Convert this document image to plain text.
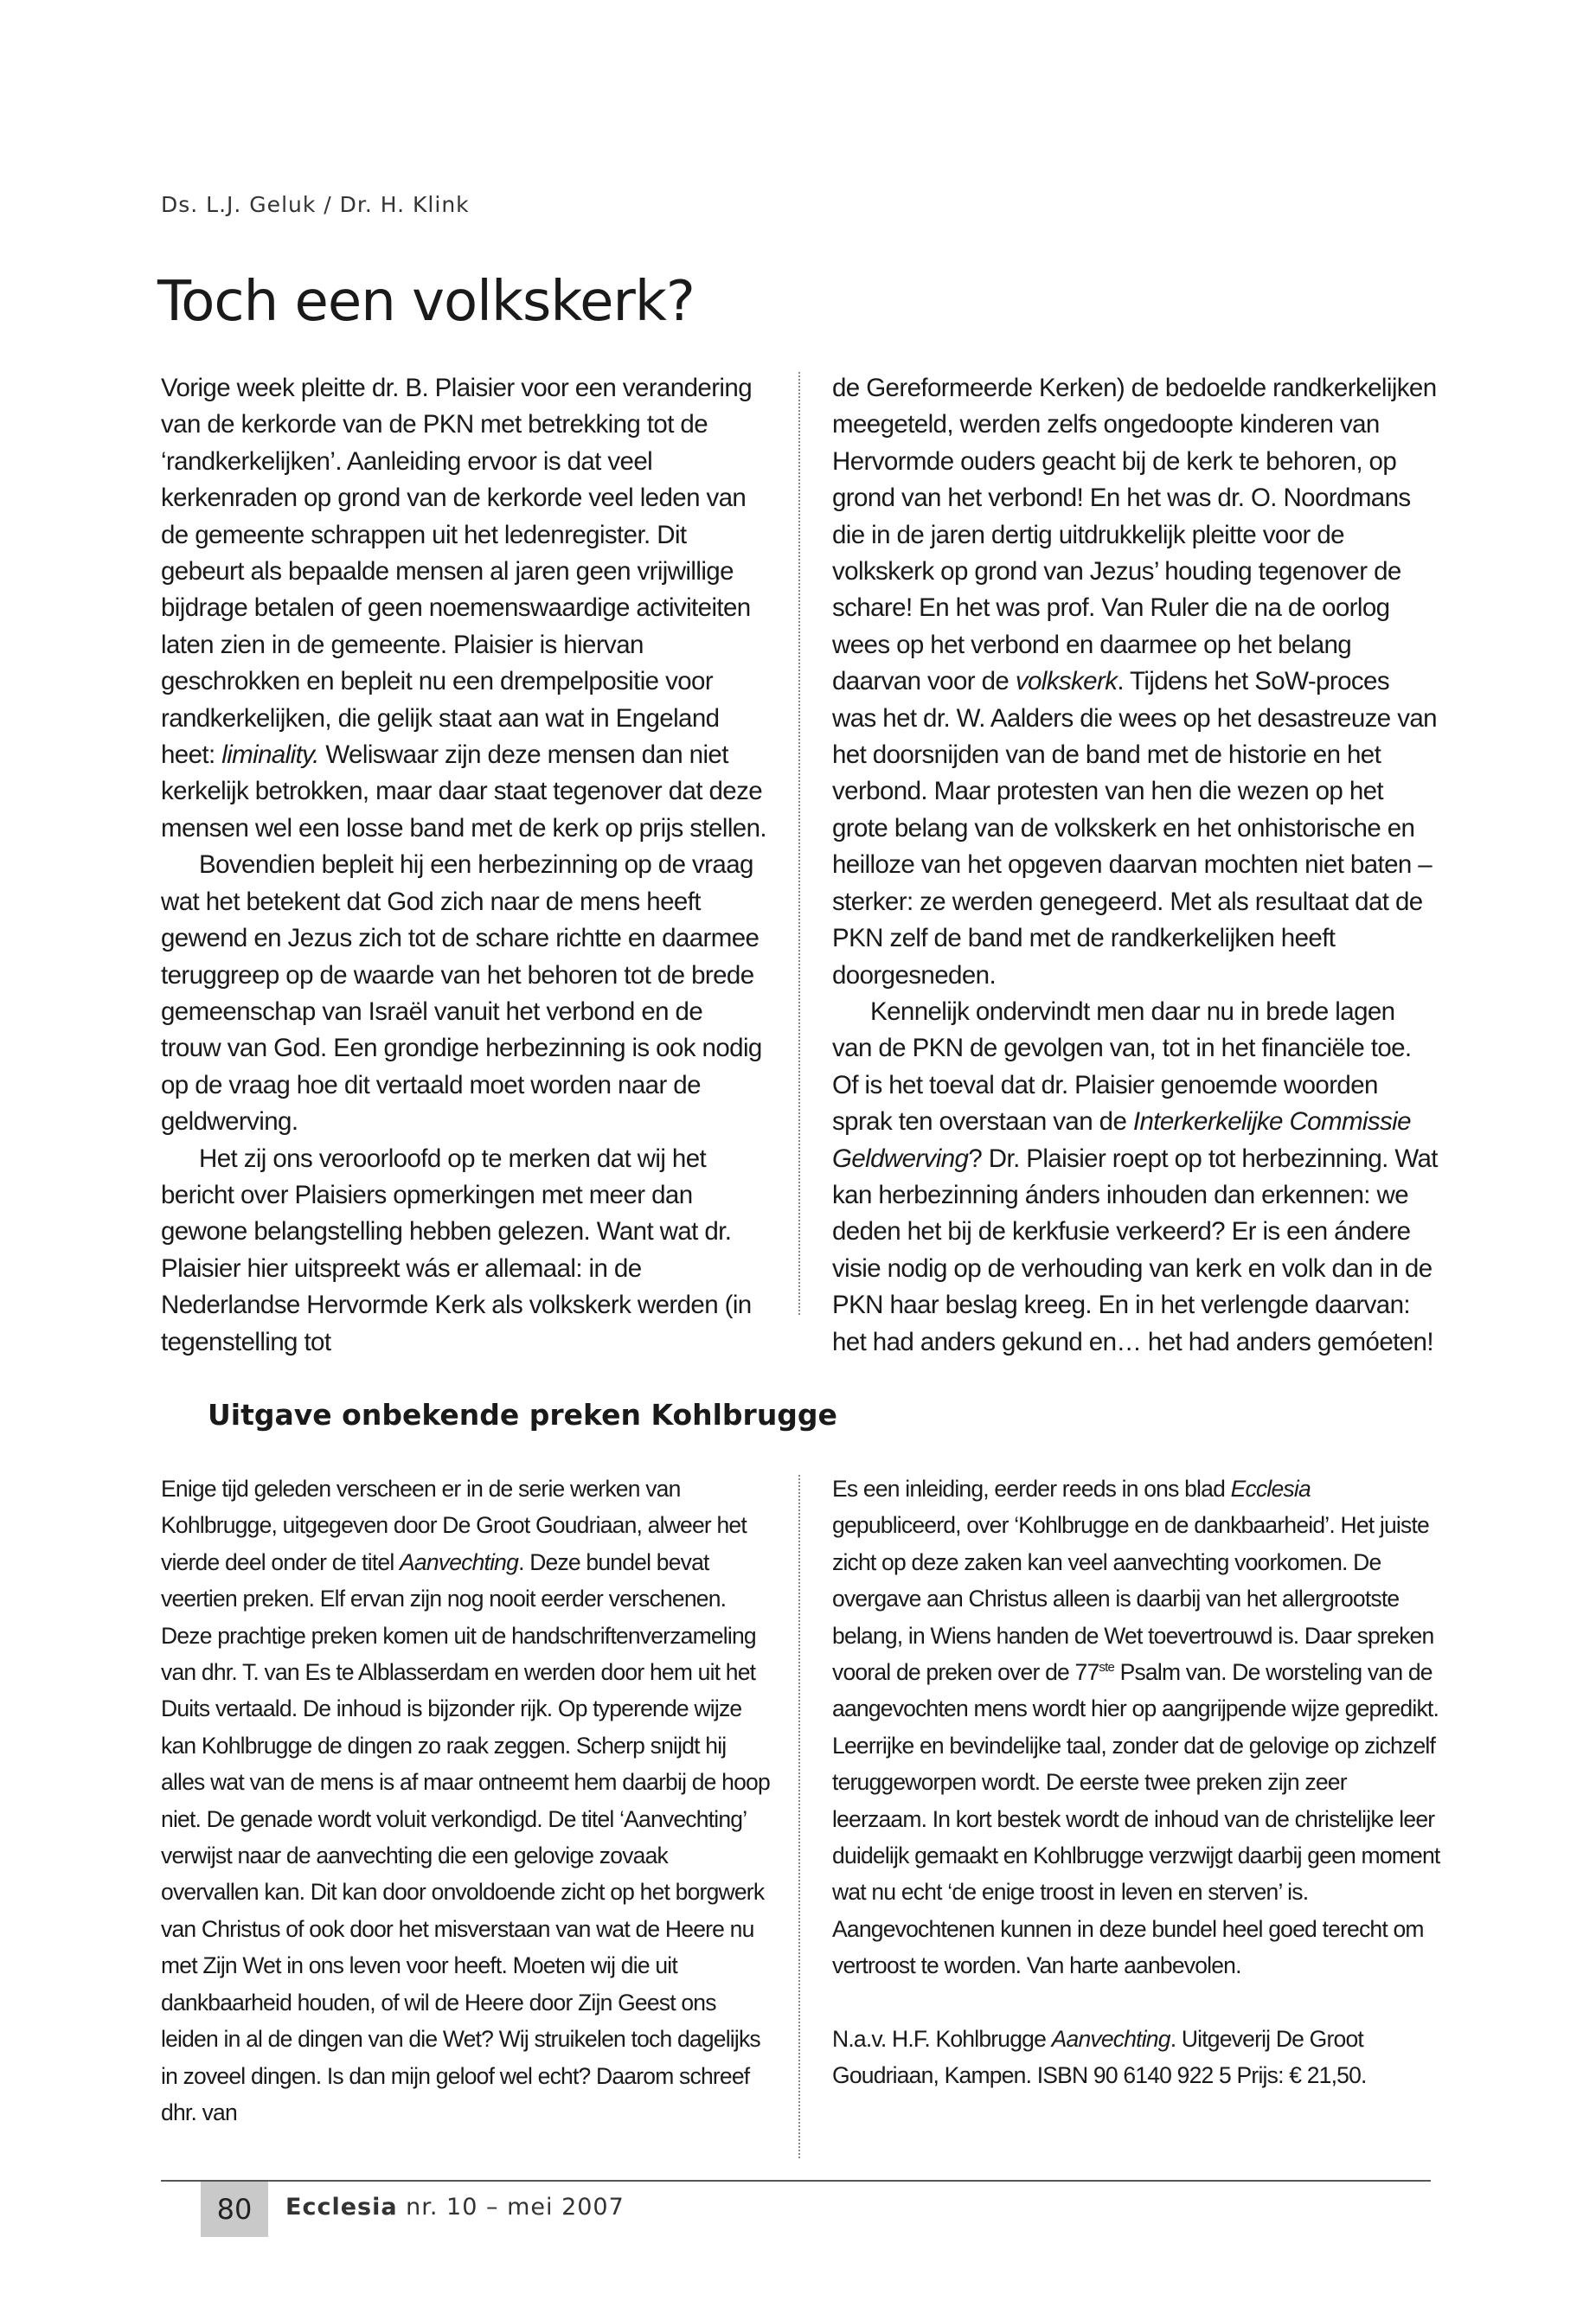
Ds. L.J. Geluk / Dr. H. Klink
Toch een volkskerk?

Vorige week pleitte dr. B. Plaisier voor een verandering van de kerkorde van de PKN met betrekking tot de ‘randkerkelijken’. Aanleiding ervoor is dat veel kerkenraden op grond van de kerkorde veel leden van de gemeente schrappen uit het ledenregister. Dit gebeurt als bepaalde mensen al jaren geen vrijwillige bijdrage betalen of geen noemenswaardige activiteiten laten zien in de gemeente. Plaisier is hiervan geschrokken en bepleit nu een drempelpositie voor randkerkelijken, die gelijk staat aan wat in Engeland heet: liminality. Weliswaar zijn deze mensen dan niet kerkelijk betrokken, maar daar staat tegenover dat deze mensen wel een losse band met de kerk op prijs stellen.

Bovendien bepleit hij een herbezinning op de vraag wat het betekent dat God zich naar de mens heeft gewend en Jezus zich tot de schare richtte en daarmee teruggreep op de waarde van het behoren tot de brede gemeenschap van Israël vanuit het verbond en de trouw van God. Een grondige herbezinning is ook nodig op de vraag hoe dit vertaald moet worden naar de geldwerving.

Het zij ons veroorloofd op te merken dat wij het bericht over Plaisiers opmerkingen met meer dan gewone belangstelling hebben gelezen. Want wat dr. Plaisier hier uitspreekt wás er allemaal: in de Nederlandse Hervormde Kerk als volkskerk werden (in tegenstelling tot

de Gereformeerde Kerken) de bedoelde randkerkelijken meegeteld, werden zelfs ongedoopte kinderen van Hervormde ouders geacht bij de kerk te behoren, op grond van het verbond! En het was dr. O. Noordmans die in de jaren dertig uitdrukkelijk pleitte voor de volkskerk op grond van Jezus’ houding tegenover de schare! En het was prof. Van Ruler die na de oorlog wees op het verbond en daarmee op het belang daarvan voor de volkskerk. Tijdens het SoW-proces was het dr. W. Aalders die wees op het desastreuze van het doorsnijden van de band met de historie en het verbond. Maar protesten van hen die wezen op het grote belang van de volkskerk en het onhistorische en heilloze van het opgeven daarvan mochten niet baten – sterker: ze werden genegeerd. Met als resultaat dat de PKN zelf de band met de randkerkelijken heeft doorgesneden.

Kennelijk ondervindt men daar nu in brede lagen van de PKN de gevolgen van, tot in het financiële toe. Of is het toeval dat dr. Plaisier genoemde woorden sprak ten overstaan van de Interkerkelijke Commissie Geldwerving? Dr. Plaisier roept op tot herbezinning. Wat kan herbezinning ánders inhouden dan erkennen: we deden het bij de kerkfusie verkeerd? Er is een ándere visie nodig op de verhouding van kerk en volk dan in de PKN haar beslag kreeg. En in het verlengde daarvan: het had anders gekund en… het had anders gemóeten!

Uitgave onbekende preken Kohlbrugge

Enige tijd geleden verscheen er in de serie werken van Kohlbrugge, uitgegeven door De Groot Goudriaan, alweer het vierde deel onder de titel Aanvechting. Deze bundel bevat veertien preken. Elf ervan zijn nog nooit eerder verschenen. Deze prachtige preken komen uit de handschriftenverzameling van dhr. T. van Es te Alblasserdam en werden door hem uit het Duits vertaald. De inhoud is bijzonder rijk. Op typerende wijze kan Kohlbrugge de dingen zo raak zeggen. Scherp snijdt hij alles wat van de mens is af maar ontneemt hem daarbij de hoop niet. De genade wordt voluit verkondigd. De titel ‘Aanvechting’ verwijst naar de aanvechting die een gelovige zovaak overvallen kan. Dit kan door onvoldoende zicht op het borgwerk van Christus of ook door het misverstaan van wat de Heere nu met Zijn Wet in ons leven voor heeft. Moeten wij die uit dankbaarheid houden, of wil de Heere door Zijn Geest ons leiden in al de dingen van die Wet? Wij struikelen toch dagelijks in zoveel dingen. Is dan mijn geloof wel echt? Daarom schreef dhr. van

Es een inleiding, eerder reeds in ons blad Ecclesia gepubliceerd, over ‘Kohlbrugge en de dankbaarheid’. Het juiste zicht op deze zaken kan veel aanvechting voorkomen. De overgave aan Christus alleen is daarbij van het allergrootste belang, in Wiens handen de Wet toevertrouwd is. Daar spreken vooral de preken over de 77ste Psalm van. De worsteling van de aangevochten mens wordt hier op aangrijpende wijze gepredikt. Leerrijke en bevindelijke taal, zonder dat de gelovige op zichzelf teruggeworpen wordt. De eerste twee preken zijn zeer leerzaam. In kort bestek wordt de inhoud van de christelijke leer duidelijk gemaakt en Kohlbrugge verzwijgt daarbij geen moment wat nu echt ‘de enige troost in leven en sterven’ is. Aangevochtenen kunnen in deze bundel heel goed terecht om vertroost te worden. Van harte aanbevolen.

N.a.v. H.F. Kohlbrugge Aanvechting. Uitgeverij De Groot Goudriaan, Kampen. ISBN 90 6140 922 5 Prijs: € 21,50.

80	Ecclesia nr. 10 – mei 2007
